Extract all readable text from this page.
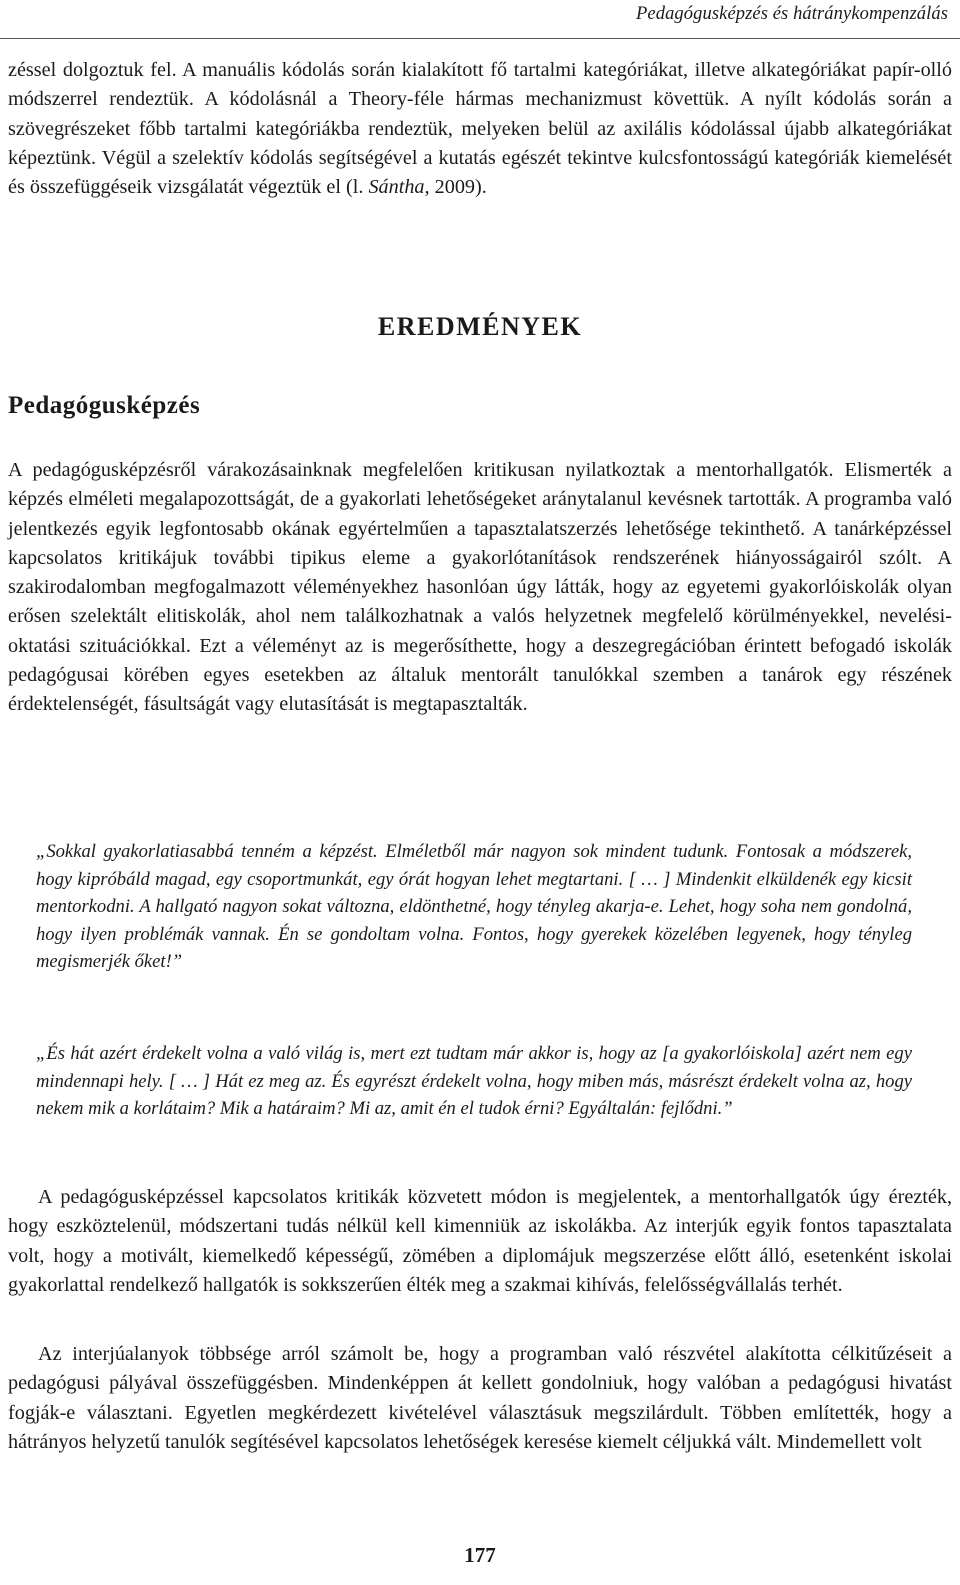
Pedagógusképzés és hátránykompenzálás

zéssel dolgoztuk fel. A manuális kódolás során kialakított fő tartalmi kategóriákat, illetve alkategóriákat papír-olló módszerrel rendeztük. A kódolásnál a Theory-féle hármas mechanizmust követtük. A nyílt kódolás során a szövegrészeket főbb tartalmi kategóriákba rendeztük, melyeken belül az axilális kódolással újabb alkategóriákat képeztünk. Végül a szelektív kódolás segítségével a kutatás egészét tekintve kulcsfontosságú kategóriák kiemelését és összefüggéseik vizsgálatát végeztük el (l. Sántha, 2009).

EREDMÉNYEK
Pedagógusképzés

A pedagógusképzésről várakozásainknak megfelelően kritikusan nyilatkoztak a mentorhallgatók. Elismerték a képzés elméleti megalapozottságát, de a gyakorlati lehetőségeket aránytalanul kevésnek tartották. A programba való jelentkezés egyik legfontosabb okának egyértelműen a tapasztalatszerzés lehetősége tekinthető. A tanárképzéssel kapcsolatos kritikájuk további tipikus eleme a gyakorlótanítások rendszerének hiányosságairól szólt. A szakirodalomban megfogalmazott véleményekhez hasonlóan úgy látták, hogy az egyetemi gyakorlóiskolák olyan erősen szelektált elitiskolák, ahol nem találkozhatnak a valós helyzetnek megfelelő körülményekkel, nevelési-oktatási szituációkkal. Ezt a véleményt az is megerősíthette, hogy a deszegregációban érintett befogadó iskolák pedagógusai körében egyes esetekben az általuk mentorált tanulókkal szemben a tanárok egy részének érdektelenségét, fásultságát vagy elutasítását is megtapasztalták.

„Sokkal gyakorlatiasabbá tenném a képzést. Elméletből már nagyon sok mindent tudunk. Fontosak a módszerek, hogy kipróbáld magad, egy csoportmunkát, egy órát hogyan lehet megtartani. [ … ] Mindenkit elküldenék egy kicsit mentorkodni. A hallgató nagyon sokat változna, eldönthetné, hogy tényleg akarja-e. Lehet, hogy soha nem gondolná, hogy ilyen problémák vannak. Én se gondoltam volna. Fontos, hogy gyerekek közelében legyenek, hogy tényleg megismerjék őket!”

„És hát azért érdekelt volna a való világ is, mert ezt tudtam már akkor is, hogy az [a gyakorlóiskola] azért nem egy mindennapi hely. [ … ] Hát ez meg az. És egyrészt érdekelt volna, hogy miben más, másrészt érdekelt volna az, hogy nekem mik a korlátaim? Mik a határaim? Mi az, amit én el tudok érni? Egyáltalán: fejlődni.”

A pedagógusképzéssel kapcsolatos kritikák közvetett módon is megjelentek, a mentorhallgatók úgy érezték, hogy eszköztelenül, módszertani tudás nélkül kell kimenniük az iskolákba. Az interjúk egyik fontos tapasztalata volt, hogy a motivált, kiemelkedő képességű, zömében a diplomájuk megszerzése előtt álló, esetenként iskolai gyakorlattal rendelkező hallgatók is sokkszerűen élték meg a szakmai kihívás, felelősségvállalás terhét.

Az interjúalanyok többsége arról számolt be, hogy a programban való részvétel alakította célkitűzéseit a pedagógusi pályával összefüggésben. Mindenképpen át kellett gondolniuk, hogy valóban a pedagógusi hivatást fogják-e választani. Egyetlen megkérdezett kivételével választásuk megszilárdult. Többen említették, hogy a hátrányos helyzetű tanulók segítésével kapcsolatos lehetőségek keresése kiemelt céljukká vált. Mindemellett volt

177
